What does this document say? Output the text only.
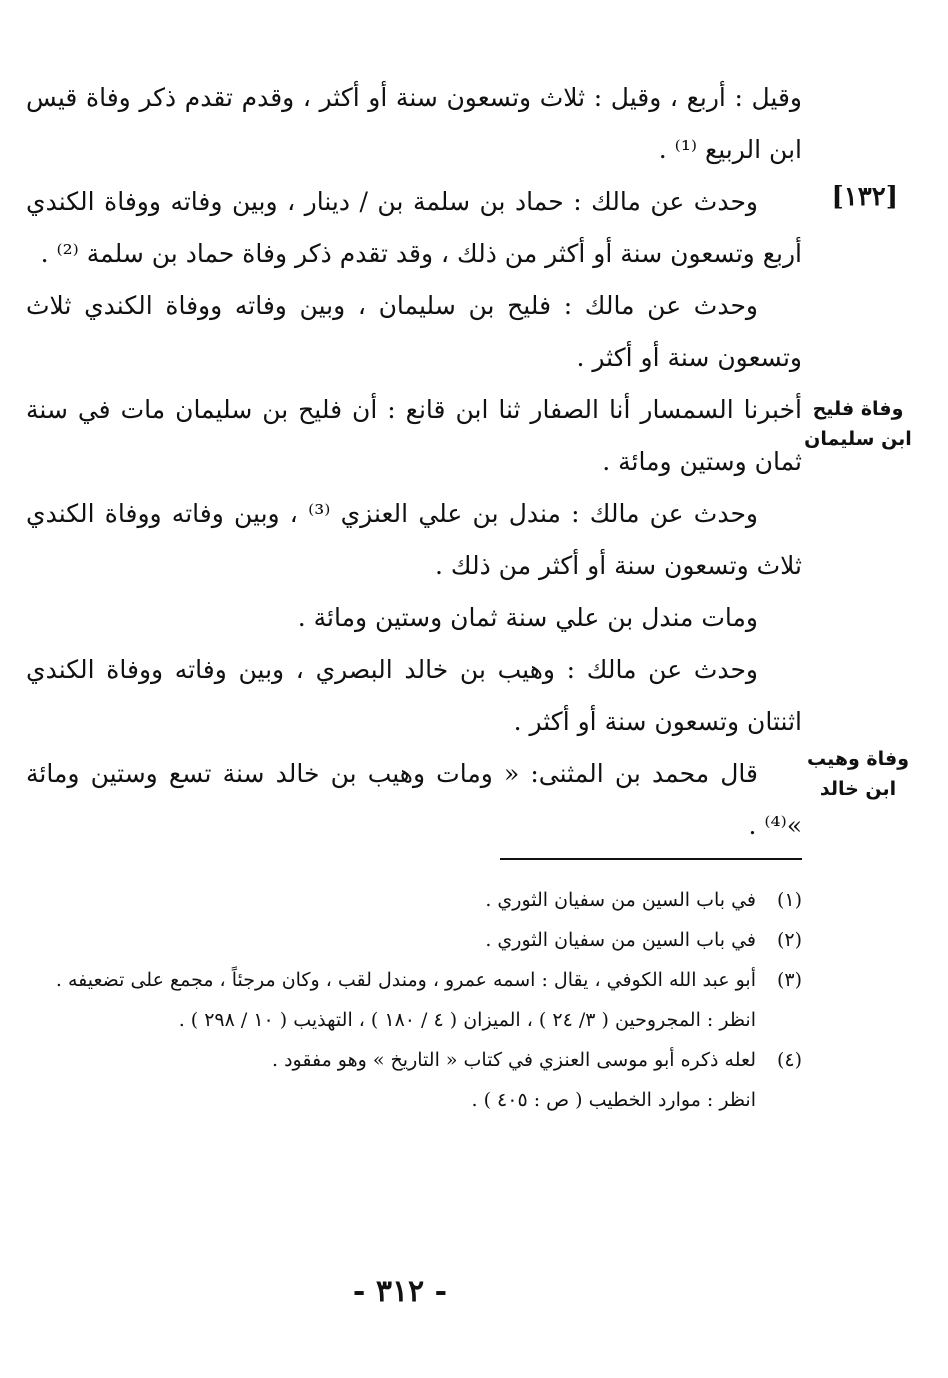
وقيل : أربع ، وقيل : ثلاث وتسعون سنة أو أكثر ، وقدم تقدم ذكر وفاة قيس ابن الربيع ⁽¹⁾ .

وحدث عن مالك : حماد بن سلمة بن / دينار ، وبين وفاته ووفاة الكندي أربع وتسعون سنة أو أكثر من ذلك ، وقد تقدم ذكر وفاة حماد بن سلمة ⁽²⁾ .

وحدث عن مالك : فليح بن سليمان ، وبين وفاته ووفاة الكندي ثلاث وتسعون سنة أو أكثر .

أخبرنا السمسار أنا الصفار ثنا ابن قانع : أن فليح بن سليمان مات في سنة ثمان وستين ومائة .

وحدث عن مالك : مندل بن علي العنزي ⁽³⁾ ، وبين وفاته ووفاة الكندي ثلاث وتسعون سنة أو أكثر من ذلك .

ومات مندل بن علي سنة ثمان وستين ومائة .

وحدث عن مالك : وهيب بن خالد البصري ، وبين وفاته ووفاة الكندي اثنتان وتسعون سنة أو أكثر .

قال محمد بن المثنى: « ومات وهيب بن خالد سنة تسع وستين ومائة »⁽⁴⁾ .

[١٣٢]
وفاة فليح
ابن سليمان
وفاة وهيب
ابن خالد
(١)
في باب السين من سفيان الثوري .
(٢)
في باب السين من سفيان الثوري .
(٣)
أبو عبد الله الكوفي ، يقال : اسمه عمرو ، ومندل لقب ، وكان مرجئاً ، مجمع على تضعيفه .
انظر : المجروحين ( ٣/ ٢٤ ) ، الميزان ( ٤ / ١٨٠ ) ، التهذيب ( ١٠ / ٢٩٨ ) .
(٤)
لعله ذكره أبو موسى العنزي في كتاب « التاريخ » وهو مفقود .
انظر : موارد الخطيب ( ص : ٤٠٥ ) .
- ٣١٢ -
